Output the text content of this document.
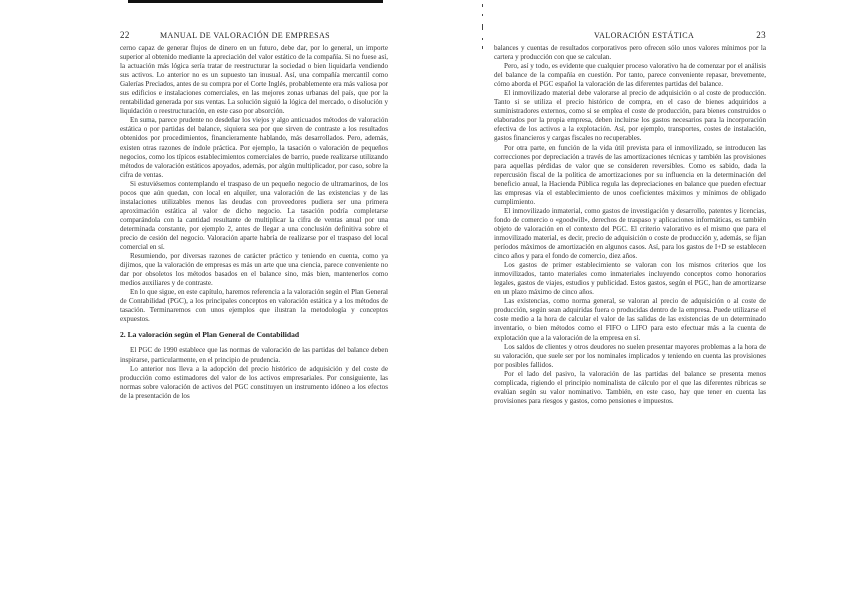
22	MANUAL DE VALORACIÓN DE EMPRESAS

cerno capaz de generar flujos de dinero en un futuro, debe dar, por lo general, un importe superior al obtenido mediante la apreciación del valor estático de la compañía. Si no fuese así, la actuación más lógica sería tratar de reestructurar la sociedad o bien liquidarla vendiendo sus activos. Lo anterior no es un supuesto tan inusual. Así, una compañía mercantil como Galerías Preciados, antes de su compra por el Corte Inglés, probablemente era más valiosa por sus edificios e instalaciones comerciales, en las mejores zonas urbanas del país, que por la rentabilidad generada por sus ventas. La solución siguió la lógica del mercado, o disolución y liquidación o reestructuración, en este caso por absorción.

En suma, parece prudente no desdeñar los viejos y algo anticuados métodos de valoración estática o por partidas del balance, siquiera sea por que sirven de contraste a los resultados obtenidos por procedimientos, financieramente hablando, más desarrollados. Pero, además, existen otras razones de índole práctica. Por ejemplo, la tasación o valoración de pequeños negocios, como los típicos establecimientos comerciales de barrio, puede realizarse utilizando métodos de valoración estáticos apoyados, además, por algún multiplicador, por caso, sobre la cifra de ventas.

Si estuviésemos contemplando el traspaso de un pequeño negocio de ultramarinos, de los pocos que aún quedan, con local en alquiler, una valoración de las existencias y de las instalaciones utilizables menos las deudas con proveedores pudiera ser una primera aproximación estática al valor de dicho negocio. La tasación podría completarse comparándola con la cantidad resultante de multiplicar la cifra de ventas anual por una determinada constante, por ejemplo 2, antes de llegar a una conclusión definitiva sobre el precio de cesión del negocio. Valoración aparte habría de realizarse por el traspaso del local comercial en sí.

Resumiendo, por diversas razones de carácter práctico y teniendo en cuenta, como ya dijimos, que la valoración de empresas es más un arte que una ciencia, parece conveniente no dar por obsoletos los métodos basados en el balance sino, más bien, mantenerlos como medios auxiliares y de contraste.

En lo que sigue, en este capítulo, haremos referencia a la valoración según el Plan General de Contabilidad (PGC), a los principales conceptos en valoración estática y a los métodos de tasación. Terminaremos con unos ejemplos que ilustran la metodología y conceptos expuestos.

2. La valoración según el Plan General de Contabilidad

El PGC de 1990 establece que las normas de valoración de las partidas del balance deben inspirarse, particularmente, en el principio de prudencia.

Lo anterior nos lleva a la adopción del precio histórico de adquisición y del coste de producción como estimadores del valor de los activos empresariales. Por consiguiente, las normas sobre valoración de activos del PGC constituyen un instrumento idóneo a los efectos de la presentación de los

VALORACIÓN ESTÁTICA	23

balances y cuentas de resultados corporativos pero ofrecen sólo unos valores mínimos por la cartera y producción con que se calculan.

Pero, así y todo, es evidente que cualquier proceso valorativo ha de comenzar por el análisis del balance de la compañía en cuestión. Por tanto, parece conveniente repasar, brevemente, cómo aborda el PGC español la valoración de las diferentes partidas del balance.

El inmovilizado material debe valorarse al precio de adquisición o al coste de producción. Tanto si se utiliza el precio histórico de compra, en el caso de bienes adquiridos a suministradores externos, como si se emplea el coste de producción, para bienes construidos o elaborados por la propia empresa, deben incluirse los gastos necesarios para la incorporación efectiva de los activos a la explotación. Así, por ejemplo, transportes, costes de instalación, gastos financieros y cargas fiscales no recuperables.

Por otra parte, en función de la vida útil prevista para el inmovilizado, se introducen las correcciones por depreciación a través de las amortizaciones técnicas y también las provisiones para aquellas pérdidas de valor que se consideren reversibles. Como es sabido, dada la repercusión fiscal de la política de amortizaciones por su influencia en la determinación del beneficio anual, la Hacienda Pública regula las depreciaciones en balance que pueden efectuar las empresas vía el establecimiento de unos coeficientes máximos y mínimos de obligado cumplimiento.

El inmovilizado inmaterial, como gastos de investigación y desarrollo, patentes y licencias, fondo de comercio o «goodwill», derechos de traspaso y aplicaciones informáticas, es también objeto de valoración en el contexto del PGC. El criterio valorativo es el mismo que para el inmovilizado material, es decir, precio de adquisición o coste de producción y, además, se fijan períodos máximos de amortización en algunos casos. Así, para los gastos de I+D se establecen cinco años y para el fondo de comercio, diez años.

Los gastos de primer establecimiento se valoran con los mismos criterios que los inmovilizados, tanto materiales como inmateriales incluyendo conceptos como honorarios legales, gastos de viajes, estudios y publicidad. Estos gastos, según el PGC, han de amortizarse en un plazo máximo de cinco años.

Las existencias, como norma general, se valoran al precio de adquisición o al coste de producción, según sean adquiridas fuera o producidas dentro de la empresa. Puede utilizarse el coste medio a la hora de calcular el valor de las salidas de las existencias de un determinado inventario, o bien métodos como el FIFO o LIFO para esto efectuar más a la cuenta de explotación que a la valoración de la empresa en sí.

Los saldos de clientes y otros deudores no suelen presentar mayores problemas a la hora de su valoración, que suele ser por los nominales implicados y teniendo en cuenta las provisiones por posibles fallidos.

Por el lado del pasivo, la valoración de las partidas del balance se presenta menos complicada, rigiendo el principio nominalista de cálculo por el que las diferentes rúbricas se evalúan según su valor nominativo. También, en este caso, hay que tener en cuenta las provisiones para riesgos y gastos, como pensiones e impuestos.
